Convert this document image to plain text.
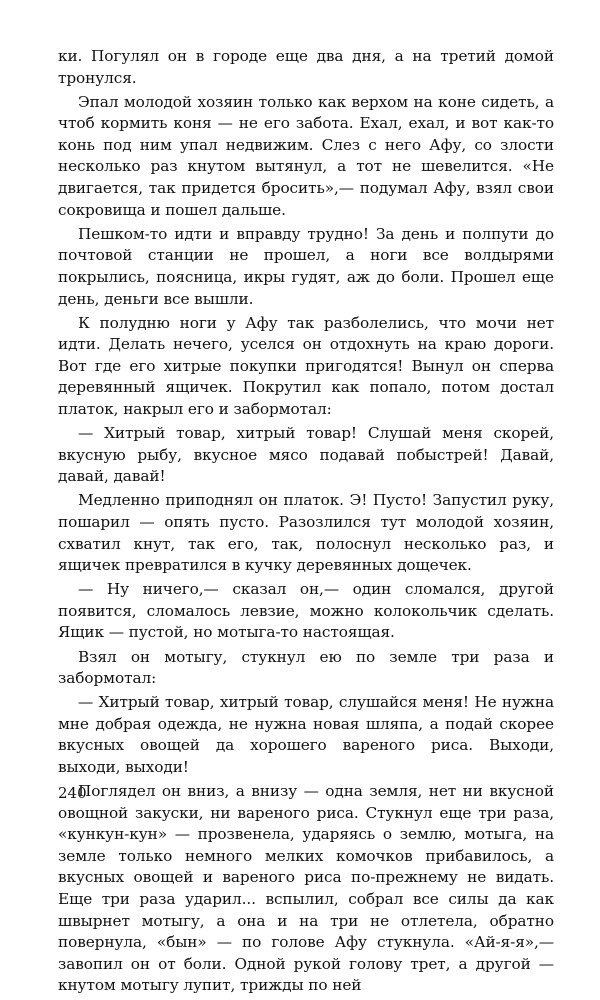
ки. Погулял он в городе еще два дня, а на третий домой тронулся.

Эпал молодой хозяин только как верхом на коне сидеть, а чтоб кормить коня — не его забота. Ехал, ехал, и вот как-то конь под ним упал недвижим. Слез с него Афу, со злости несколько раз кнутом вытянул, а тот не шевелится. «Не двигается, так придется бросить»,— подумал Афу, взял свои сокровища и пошел дальше.

Пешком-то идти и вправду трудно! За день и полпути до почтовой станции не прошел, а ноги все волдырями покрылись, поясница, икры гудят, аж до боли. Прошел еще день, деньги все вышли.

К полудню ноги у Афу так разболелись, что мочи нет идти. Делать нечего, уселся он отдохнуть на краю дороги. Вот где его хитрые покупки пригодятся! Вынул он сперва деревянный ящичек. Покрутил как попало, потом достал платок, накрыл его и забормотал:

— Хитрый товар, хитрый товар! Слушай меня скорей, вкусную рыбу, вкусное мясо подавай побыстрей! Давай, давай, давай!

Медленно приподнял он платок. Э! Пусто! Запустил руку, пошарил — опять пусто. Разозлился тут молодой хозяин, схватил кнут, так его, так, полоснул несколько раз, и ящичек превратился в кучку деревянных дощечек.

— Ну ничего,— сказал он,— один сломался, другой появится, сломалось левзие, можно колокольчик сделать. Ящик — пустой, но мотыга-то настоящая.

Взял он мотыгу, стукнул ею по земле три раза и забормотал:

— Хитрый товар, хитрый товар, слушайся меня! Не нужна мне добрая одежда, не нужна новая шляпа, а подай скорее вкусных овощей да хорошего вареного риса. Выходи, выходи, выходи!

Поглядел он вниз, а внизу — одна земля, нет ни вкусной овощной закуски, ни вареного риса. Стукнул еще три раза, «кункун-кун» — прозвенела, ударяясь о землю, мотыга, на земле только немного мелких комочков прибавилось, а вкусных овощей и вареного риса по-прежнему не видать. Еще три раза ударил... вспылил, собрал все силы да как швырнет мотыгу, а она и на три не отлетела, обратно повернула, «бын» — по голове Афу стукнула. «Ай-я-я»,— завопил он от боли. Одной рукой голову трет, а другой — кнутом мотыгу лупит, трижды по ней

240
